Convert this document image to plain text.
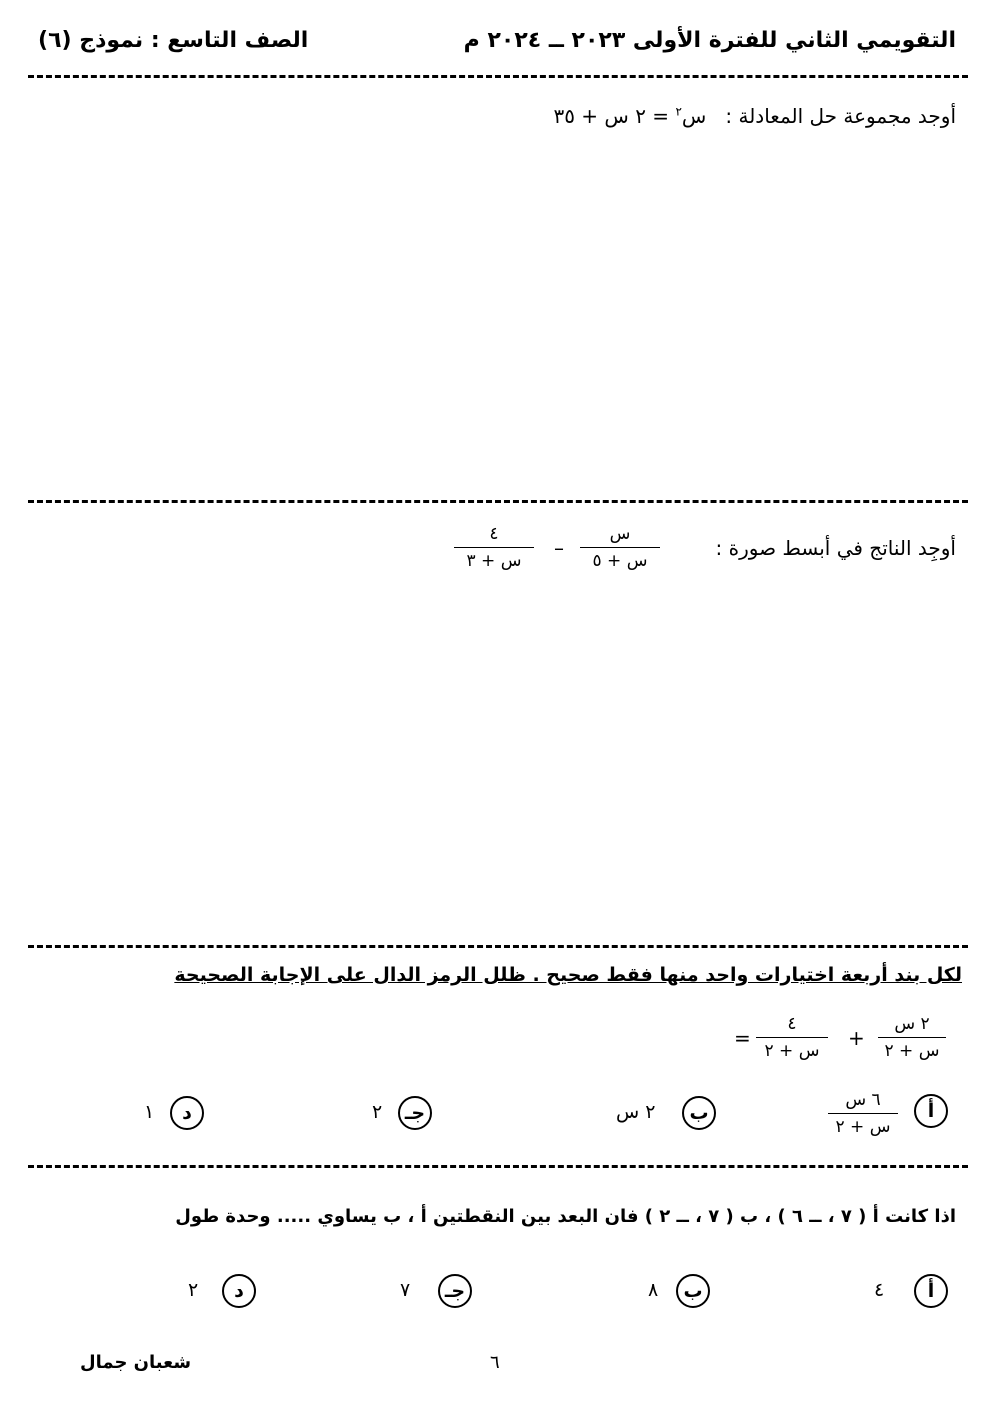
التقويمي الثاني للفترة الأولى ٢٠٢٣ ــ ٢٠٢٤ م
الصف التاسع : نموذج (٦)
أوجد مجموعة حل المعادلة :   س$^٢$ = ٢ س + ٣٥
أوجِد الناتج في أبسط صورة :
س
س + ٥
–
٤
س + ٣
لكل بند أربعة اختيارات واحد منها فقط صحيح . ظلل الرمز الدال على الإجابة الصحيحة
٢ س
س + ٢
+
٤
س + ٢
=
أ
٦ س
س + ٢
ب
٢ س
جـ
٢
د
١
اذا كانت أ ( ٧ ، ــ ٦ ) ، ب ( ٧ ، ــ ٢ ) فان البعد بين النقطتين أ ، ب يساوي ..... وحدة طول
أ
٤
ب
٨
جـ
٧
د
٢
٦
شعبان جمال
